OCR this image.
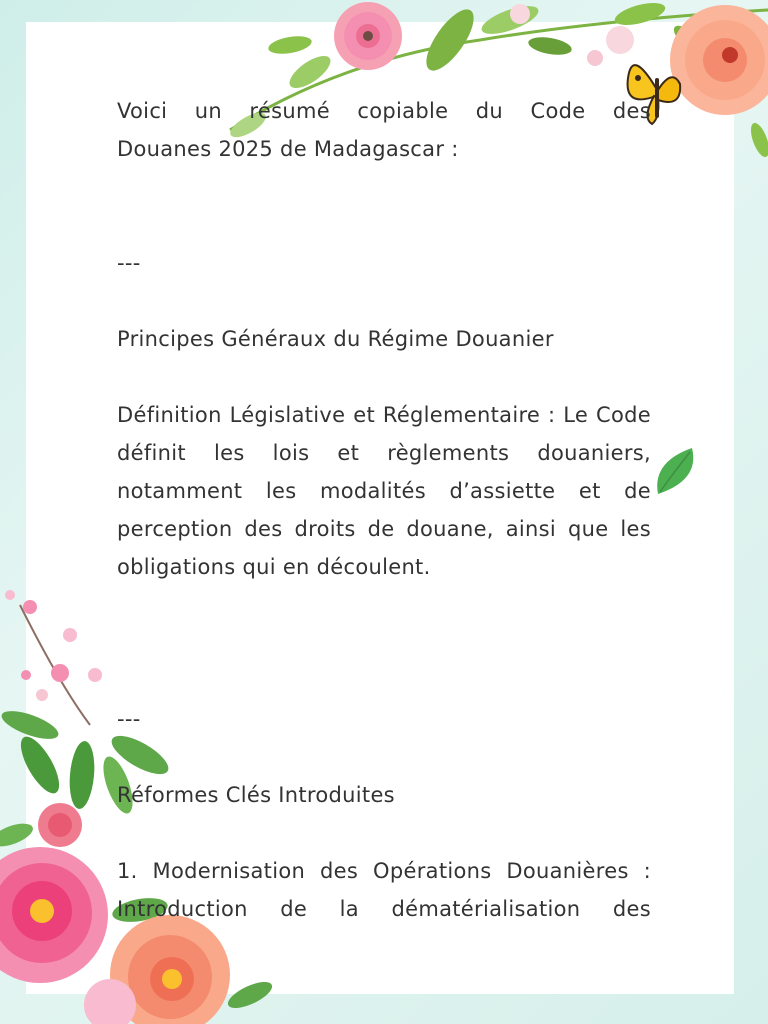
Voici un résumé copiable du Code des

Douanes 2025 de Madagascar :

---

Principes Généraux du Régime Douanier

Définition Législative et Réglementaire : Le Code définit les lois et règlements douaniers, notamment les modalités d’assiette et de perception des droits de douane, ainsi que les obligations qui en découlent.

---

Réformes Clés Introduites

1. Modernisation des Opérations Douanières :

Introduction de la dématérialisation des
